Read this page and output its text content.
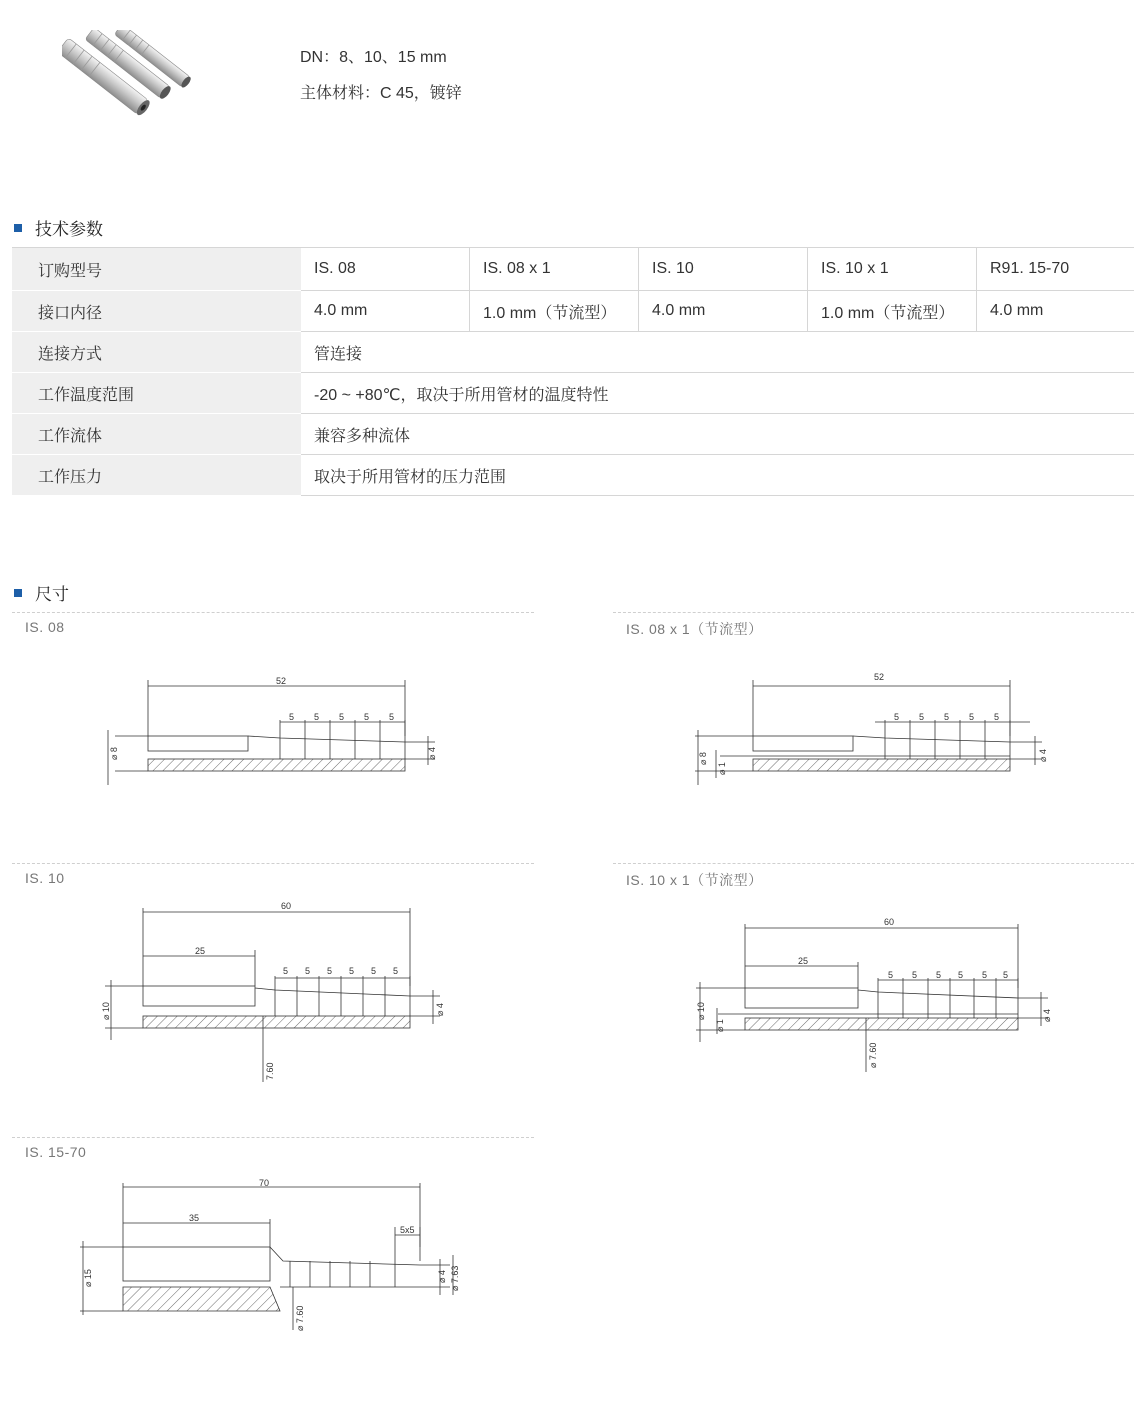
DN：8、10、15 mm
主体材料：C 45，镀锌
技术参数
订购型号	IS. 08	IS. 08 x 1	IS. 10	IS. 10 x 1	R91. 15-70
接口内径	4.0 mm	1.0 mm（节流型）	4.0 mm	1.0 mm（节流型）	4.0 mm
连接方式	管连接				
工作温度范围	-20 ~ +80℃，取决于所用管材的温度特性				
工作流体	兼容多种流体				
工作压力	取决于所用管材的压力范围				
尺寸
IS. 08
52
5 5 5 5 5
⌀ 8	⌀ 4
IS. 08 x 1（节流型）
52
5 5 5 5 5
⌀ 8
⌀ 1
⌀ 4
IS. 10
60
25
5 5 5 5 5 5
⌀ 10	⌀ 4
7.60
IS. 10 x 1（节流型）
60
25
5 5 5 5 5 5
⌀ 10
⌀ 1
⌀ 4
⌀ 7.60
IS. 15-70
70
35
5x5
⌀ 15	⌀ 4 ⌀ 7.63
⌀ 7.60
